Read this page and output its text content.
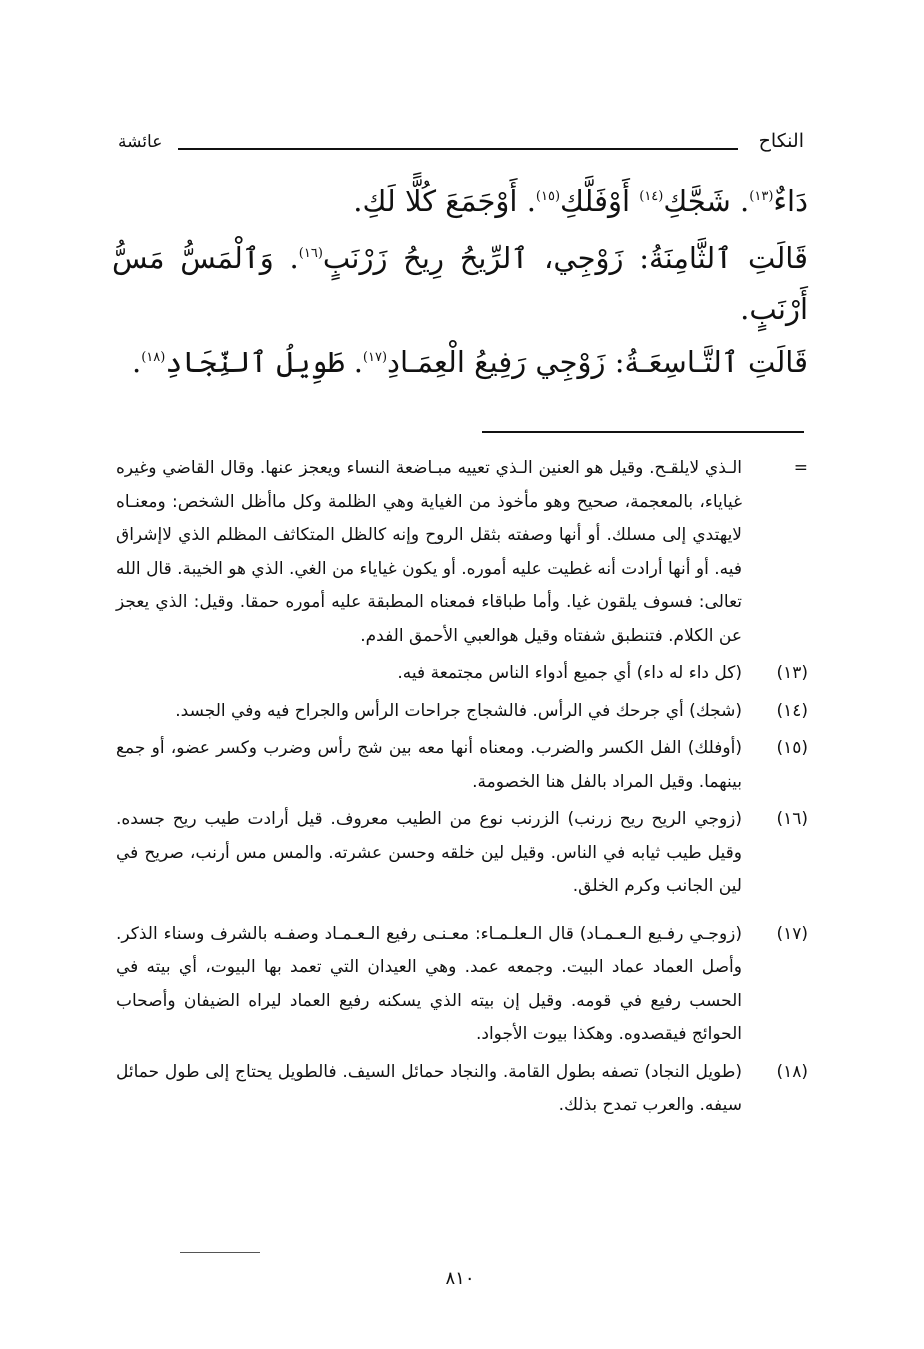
النكاح
عائشة

دَاءٌ$^{(١٣)}$. شَجَّكِ$^{(١٤)}$ أَوْفَلَّكِ$^{(١٥)}$. أَوْجَمَعَ كُلًّا لَكِ.

قَالَتِ ٱلثَّامِنَةُ: زَوْجِي، ٱلرِّيحُ رِيحُ زَرْنَبٍ$^{(١٦)}$. وَٱلْمَسُّ مَسُّ

أَرْنَبٍ.

قَالَتِ ٱلتَّـاسِعَـةُ: زَوْجِي رَفِيعُ الْعِمَـادِ$^{(١٧)}$. طَوِيلُ ٱلنِّجَادِ$^{(١٨)}$.

=
الـذي لايلقـح. وقيل هو العنين الـذي تعييه مبـاضعة النساء ويعجز عنها. وقال القاضي وغيره غياياء، بالمعجمة، صحيح وهو مأخوذ من الغياية وهي الظلمة وكل ماأظل الشخص: ومعنـاه لايهتدي إلى مسلك. أو أنها وصفته بثقل الروح وإنه كالظل المتكاثف المظلم الذي لاإشراق فيه. أو أنها أرادت أنه غطيت عليه أموره. أو يكون غياياء من الغي. الذي هو الخيبة. قال الله تعالى: فسوف يلقون غيا. وأما طباقاء فمعناه المطبقة عليه أموره حمقا. وقيل: الذي يعجز عن الكلام. فتنطبق شفتاه وقيل هوالعبي الأحمق الفدم.
(١٣)
(كل داء له داء) أي جميع أدواء الناس مجتمعة فيه.
(١٤)
(شجك) أي جرحك في الرأس. فالشجاج جراحات الرأس والجراح فيه وفي الجسد.
(١٥)
(أوفلك) الفل الكسر والضرب. ومعناه أنها معه بين شج رأس وضرب وكسر عضو، أو جمع بينهما. وقيل المراد بالفل هنا الخصومة.
(١٦)
(زوجي الريح ريح زرنب) الزرنب نوع من الطيب معروف. قيل أرادت طيب ريح جسده. وقيل طيب ثيابه في الناس. وقيل لين خلقه وحسن عشرته. والمس مس أرنب، صريح في لين الجانب وكرم الخلق.
(١٧)
(زوجـي رفـيع الـعـمـاد) قال الـعلـمـاء: معـنـى رفيع الـعـمـاد وصفـه بالشرف وسناء الذكر. وأصل العماد عماد البيت. وجمعه عمد. وهي العيدان التي تعمد بها البيوت، أي بيته في الحسب رفيع في قومه. وقيل إن بيته الذي يسكنه رفيع العماد ليراه الضيفان وأصحاب الحوائج فيقصدوه. وهكذا بيوت الأجواد.
(١٨)
(طويل النجاد) تصفه بطول القامة. والنجاد حمائل السيف. فالطويل يحتاج إلى طول حمائل سيفه. والعرب تمدح بذلك.
٨١٠
